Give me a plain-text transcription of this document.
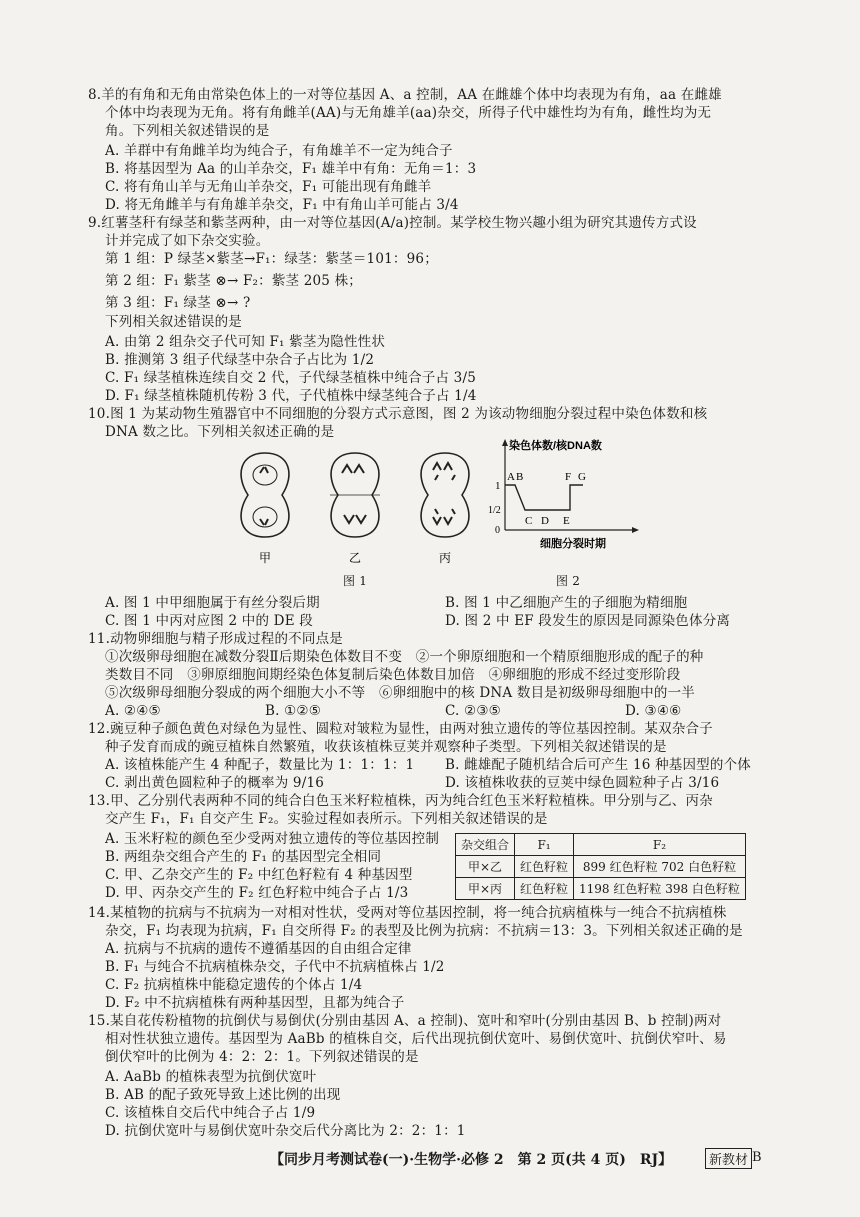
8.羊的有角和无角由常染色体上的一对等位基因 A、a 控制，AA 在雌雄个体中均表现为有角，aa 在雌雄
个体中均表现为无角。将有角雌羊(AA)与无角雄羊(aa)杂交，所得子代中雄性均为有角，雌性均为无
角。下列相关叙述错误的是
A. 羊群中有角雌羊均为纯合子，有角雄羊不一定为纯合子
B. 将基因型为 Aa 的山羊杂交，F₁ 雄羊中有角：无角＝1：3
C. 将有角山羊与无角山羊杂交，F₁ 可能出现有角雌羊
D. 将无角雌羊与有角雄羊杂交，F₁ 中有角山羊可能占 3/4
9.红薯茎秆有绿茎和紫茎两种，由一对等位基因(A/a)控制。某学校生物兴趣小组为研究其遗传方式设
计并完成了如下杂交实验。
第 1 组：P 绿茎×紫茎→F₁：绿茎：紫茎＝101：96；
第 2 组：F₁ 紫茎 ⊗→ F₂：紫茎 205 株；
第 3 组：F₁ 绿茎 ⊗→ ?
下列相关叙述错误的是
A. 由第 2 组杂交子代可知 F₁ 紫茎为隐性性状
B. 推测第 3 组子代绿茎中杂合子占比为 1/2
C. F₁ 绿茎植株连续自交 2 代，子代绿茎植株中纯合子占 3/5
D. F₁ 绿茎植株随机传粉 3 代，子代植株中绿茎纯合子占 1/4
10.图 1 为某动物生殖器官中不同细胞的分裂方式示意图，图 2 为该动物细胞分裂过程中染色体数和核
DNA 数之比。下列相关叙述正确的是
甲	乙	丙
图 1
染色体数/核DNA数
1
1/2
0
A B
C D E
F G
细胞分裂时期
图 2
A. 图 1 中甲细胞属于有丝分裂后期	B. 图 1 中乙细胞产生的子细胞为精细胞
C. 图 1 中丙对应图 2 中的 DE 段	D. 图 2 中 EF 段发生的原因是同源染色体分离
11.动物卵细胞与精子形成过程的不同点是
①次级卵母细胞在减数分裂Ⅱ后期染色体数目不变　②一个卵原细胞和一个精原细胞形成的配子的种
类数目不同　③卵原细胞间期经染色体复制后染色体数目加倍　④卵细胞的形成不经过变形阶段
⑤次级卵母细胞分裂成的两个细胞大小不等　⑥卵细胞中的核 DNA 数目是初级卵母细胞中的一半
A. ②④⑤	B. ①②⑤	C. ②③⑤	D. ③④⑥
12.豌豆种子颜色黄色对绿色为显性、圆粒对皱粒为显性，由两对独立遗传的等位基因控制。某双杂合子
种子发育而成的豌豆植株自然繁殖，收获该植株豆荚并观察种子类型。下列相关叙述错误的是
A. 该植株能产生 4 种配子，数量比为 1：1：1：1 B. 雌雄配子随机结合后可产生 16 种基因型的个体
C. 剥出黄色圆粒种子的概率为 9/16	D. 该植株收获的豆荚中绿色圆粒种子占 3/16
13.甲、乙分别代表两种不同的纯合白色玉米籽粒植株，丙为纯合红色玉米籽粒植株。甲分别与乙、丙杂
交产生 F₁，F₁ 自交产生 F₂。实验过程如表所示。下列相关叙述错误的是
A. 玉米籽粒的颜色至少受两对独立遗传的等位基因控制
B. 两组杂交组合产生的 F₁ 的基因型完全相同
C. 甲、乙杂交产生的 F₂ 中红色籽粒有 4 种基因型
D. 甲、丙杂交产生的 F₂ 红色籽粒中纯合子占 1/3
杂交组合	F₁	F₂
甲×乙	红色籽粒	899 红色籽粒 702 白色籽粒
甲×丙	红色籽粒	1198 红色籽粒 398 白色籽粒
14.某植物的抗病与不抗病为一对相对性状，受两对等位基因控制，将一纯合抗病植株与一纯合不抗病植株
杂交，F₁ 均表现为抗病，F₁ 自交所得 F₂ 的表型及比例为抗病：不抗病＝13：3。下列相关叙述正确的是
A. 抗病与不抗病的遗传不遵循基因的自由组合定律
B. F₁ 与纯合不抗病植株杂交，子代中不抗病植株占 1/2
C. F₂ 抗病植株中能稳定遗传的个体占 1/4
D. F₂ 中不抗病植株有两种基因型，且都为纯合子
15.某自花传粉植物的抗倒伏与易倒伏(分别由基因 A、a 控制)、宽叶和窄叶(分别由基因 B、b 控制)两对
相对性状独立遗传。基因型为 AaBb 的植株自交，后代出现抗倒伏宽叶、易倒伏宽叶、抗倒伏窄叶、易
倒伏窄叶的比例为 4：2：2：1。下列叙述错误的是
A. AaBb 的植株表型为抗倒伏宽叶
B. AB 的配子致死导致上述比例的出现
C. 该植株自交后代中纯合子占 1/9
D. 抗倒伏宽叶与易倒伏宽叶杂交后代分离比为 2：2：1：1
【同步月考测试卷(一)·生物学·必修 2　第 2 页(共 4 页)　RJ】	新教材 B
